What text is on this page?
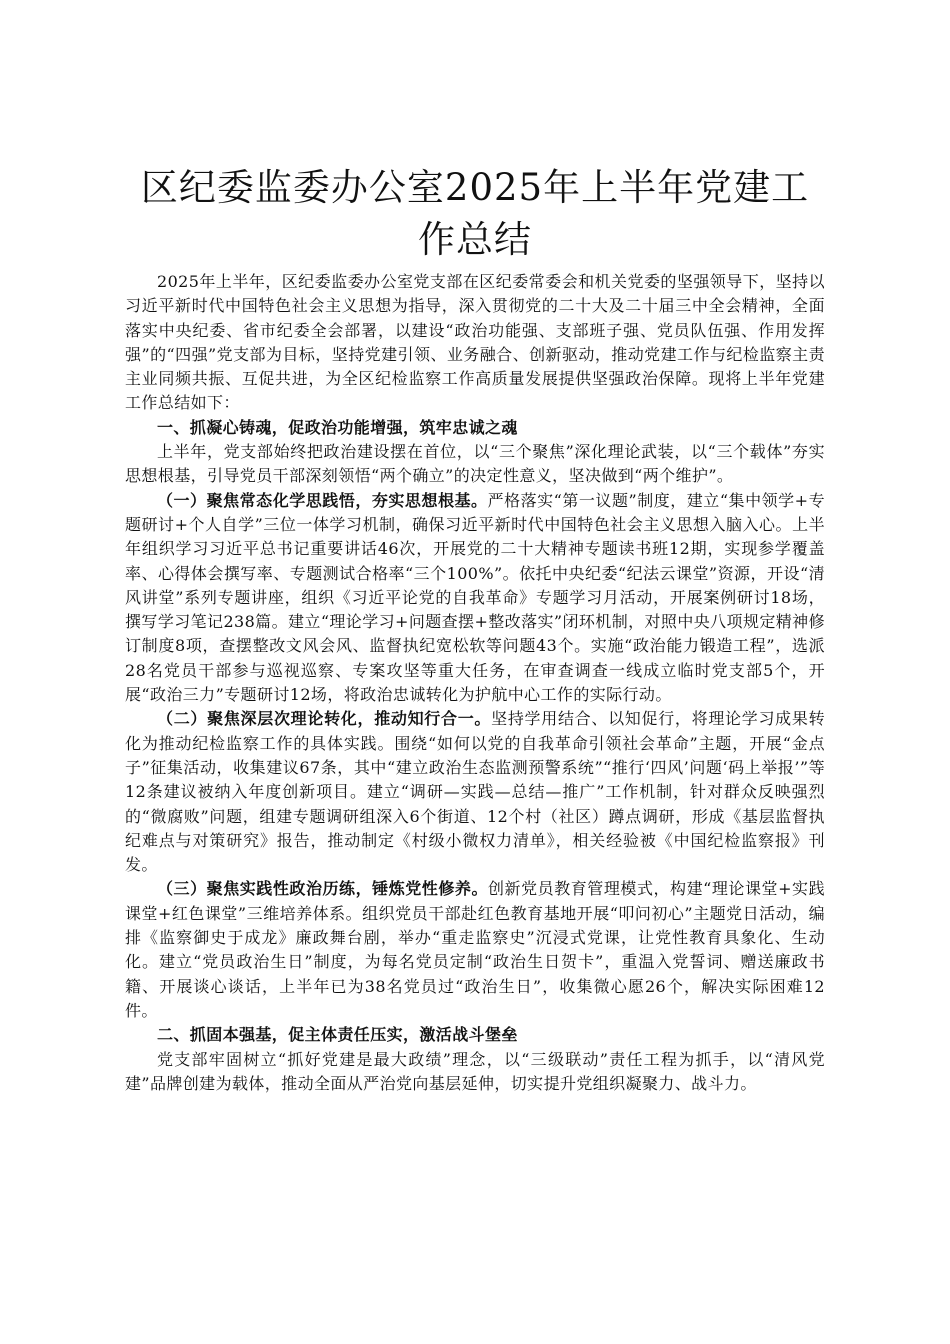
区纪委监委办公室2025年上半年党建工作总结

2025年上半年，区纪委监委办公室党支部在区纪委常委会和机关党委的坚强领导下，坚持以习近平新时代中国特色社会主义思想为指导，深入贯彻党的二十大及二十届三中全会精神，全面落实中央纪委、省市纪委全会部署，以建设“政治功能强、支部班子强、党员队伍强、作用发挥强”的“四强”党支部为目标，坚持党建引领、业务融合、创新驱动，推动党建工作与纪检监察主责主业同频共振、互促共进，为全区纪检监察工作高质量发展提供坚强政治保障。现将上半年党建工作总结如下：

一、抓凝心铸魂，促政治功能增强，筑牢忠诚之魂

上半年，党支部始终把政治建设摆在首位，以“三个聚焦”深化理论武装，以“三个载体”夯实思想根基，引导党员干部深刻领悟“两个确立”的决定性意义，坚决做到“两个维护”。

（一）聚焦常态化学思践悟，夯实思想根基。严格落实“第一议题”制度，建立“集中领学+专题研讨+个人自学”三位一体学习机制，确保习近平新时代中国特色社会主义思想入脑入心。上半年组织学习习近平总书记重要讲话46次，开展党的二十大精神专题读书班12期，实现参学覆盖率、心得体会撰写率、专题测试合格率“三个100%”。依托中央纪委“纪法云课堂”资源，开设“清风讲堂”系列专题讲座，组织《习近平论党的自我革命》专题学习月活动，开展案例研讨18场，撰写学习笔记238篇。建立“理论学习+问题查摆+整改落实”闭环机制，对照中央八项规定精神修订制度8项，查摆整改文风会风、监督执纪宽松软等问题43个。实施“政治能力锻造工程”，选派28名党员干部参与巡视巡察、专案攻坚等重大任务，在审查调查一线成立临时党支部5个，开展“政治三力”专题研讨12场，将政治忠诚转化为护航中心工作的实际行动。

（二）聚焦深层次理论转化，推动知行合一。坚持学用结合、以知促行，将理论学习成果转化为推动纪检监察工作的具体实践。围绕“如何以党的自我革命引领社会革命”主题，开展“金点子”征集活动，收集建议67条，其中“建立政治生态监测预警系统”“推行‘四风’问题‘码上举报’”等12条建议被纳入年度创新项目。建立“调研—实践—总结—推广”工作机制，针对群众反映强烈的“微腐败”问题，组建专题调研组深入6个街道、12个村（社区）蹲点调研，形成《基层监督执纪难点与对策研究》报告，推动制定《村级小微权力清单》，相关经验被《中国纪检监察报》刊发。

（三）聚焦实践性政治历练，锤炼党性修养。创新党员教育管理模式，构建“理论课堂+实践课堂+红色课堂”三维培养体系。组织党员干部赴红色教育基地开展“叩问初心”主题党日活动，编排《监察御史于成龙》廉政舞台剧，举办“重走监察史”沉浸式党课，让党性教育具象化、生动化。建立“党员政治生日”制度，为每名党员定制“政治生日贺卡”，重温入党誓词、赠送廉政书籍、开展谈心谈话，上半年已为38名党员过“政治生日”，收集微心愿26个，解决实际困难12件。

二、抓固本强基，促主体责任压实，激活战斗堡垒

党支部牢固树立“抓好党建是最大政绩”理念，以“三级联动”责任工程为抓手，以“清风党建”品牌创建为载体，推动全面从严治党向基层延伸，切实提升党组织凝聚力、战斗力。
